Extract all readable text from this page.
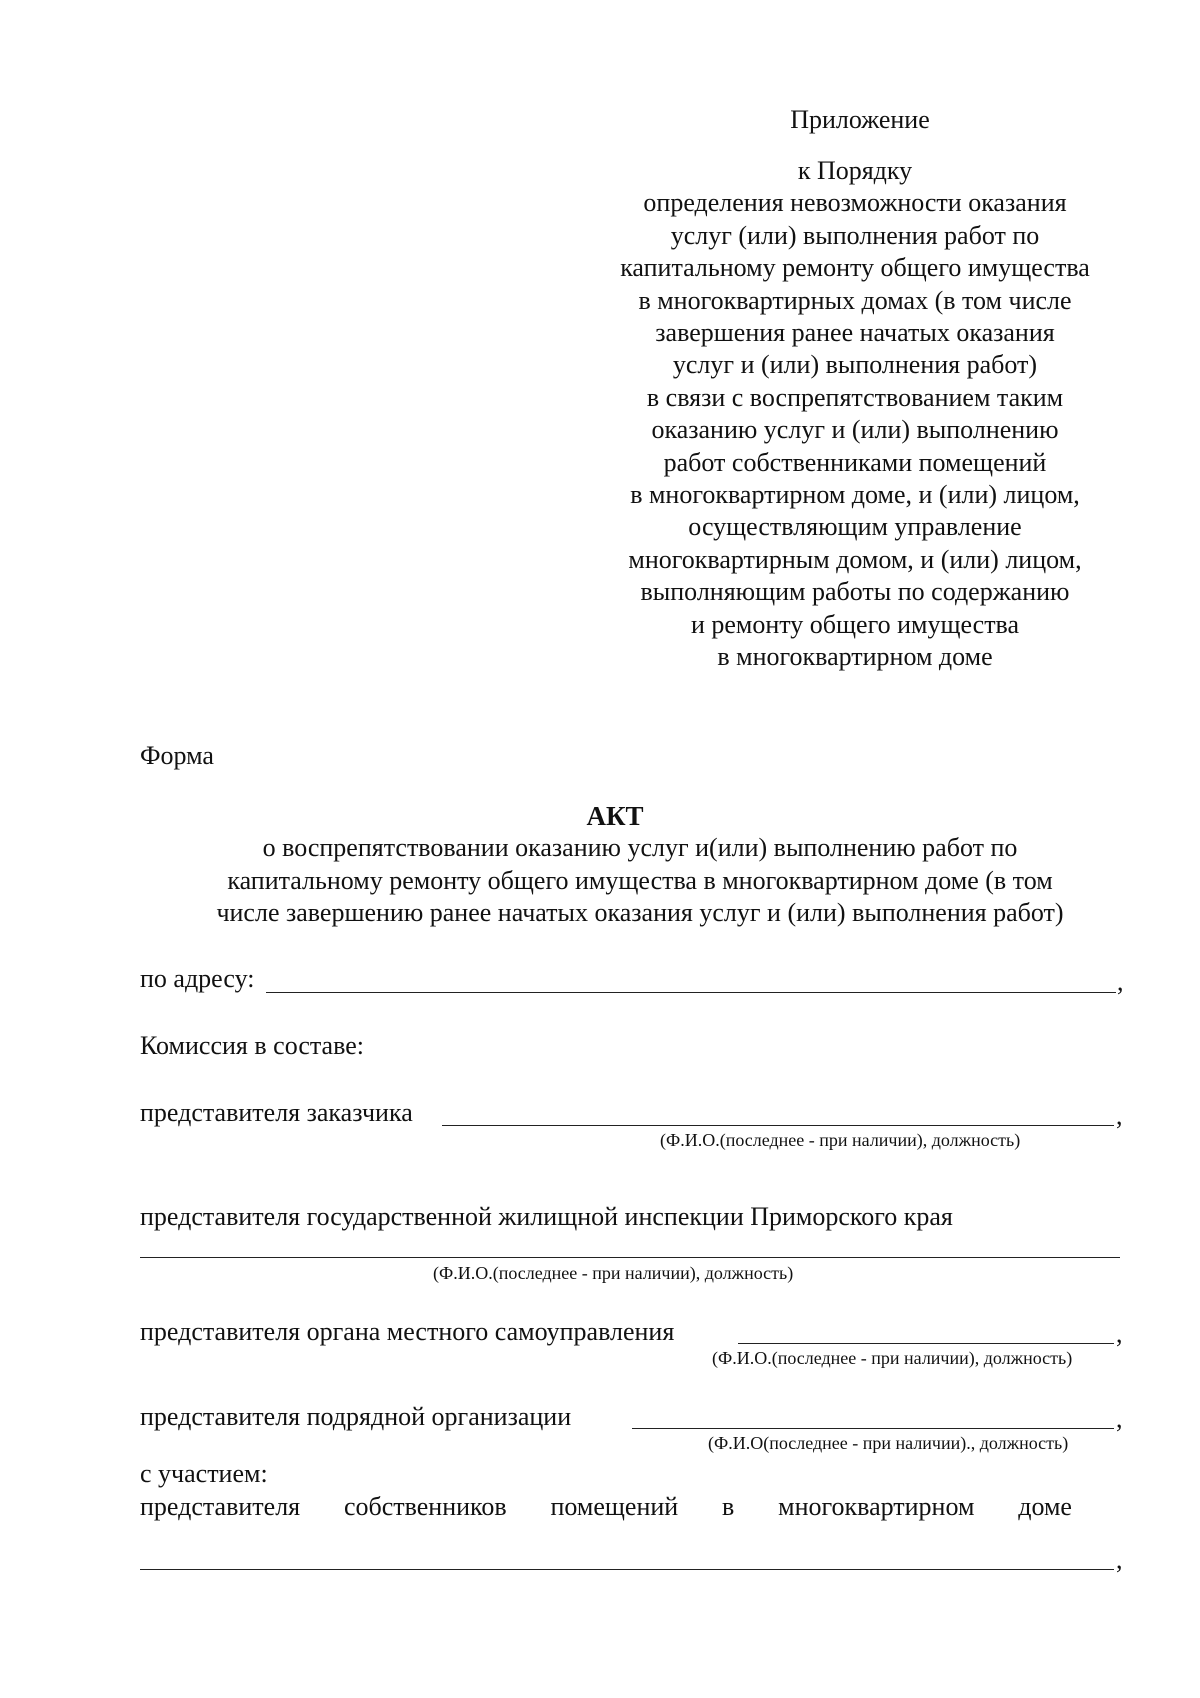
Приложение
к Порядку
определения невозможности оказания
услуг (или) выполнения работ по
капитальному ремонту общего имущества
в многоквартирных домах (в том числе
завершения ранее начатых оказания
услуг и (или) выполнения работ)
в связи с воспрепятствованием таким
оказанию услуг и (или) выполнению
работ собственниками помещений
в многоквартирном доме, и (или) лицом,
осуществляющим управление
многоквартирным домом, и (или) лицом,
выполняющим работы по содержанию
и ремонту общего имущества
в многоквартирном доме
Форма
АКТ
о воспрепятствовании оказанию услуг и(или) выполнению работ по
капитальному ремонту общего имущества в многоквартирном доме (в том
числе завершению ранее начатых оказания услуг и (или) выполнения работ)
по адресу:	,
Комиссия в составе:
представителя заказчика	,
(Ф.И.О.(последнее - при наличии), должность)
представителя государственной жилищной инспекции Приморского края
(Ф.И.О.(последнее - при наличии), должность)
представителя органа местного самоуправления	,
(Ф.И.О.(последнее - при наличии), должность)
представителя подрядной организации	,
(Ф.И.О(последнее - при наличии)., должность)
с участием:
представителя собственников помещений в многоквартирном доме
,
